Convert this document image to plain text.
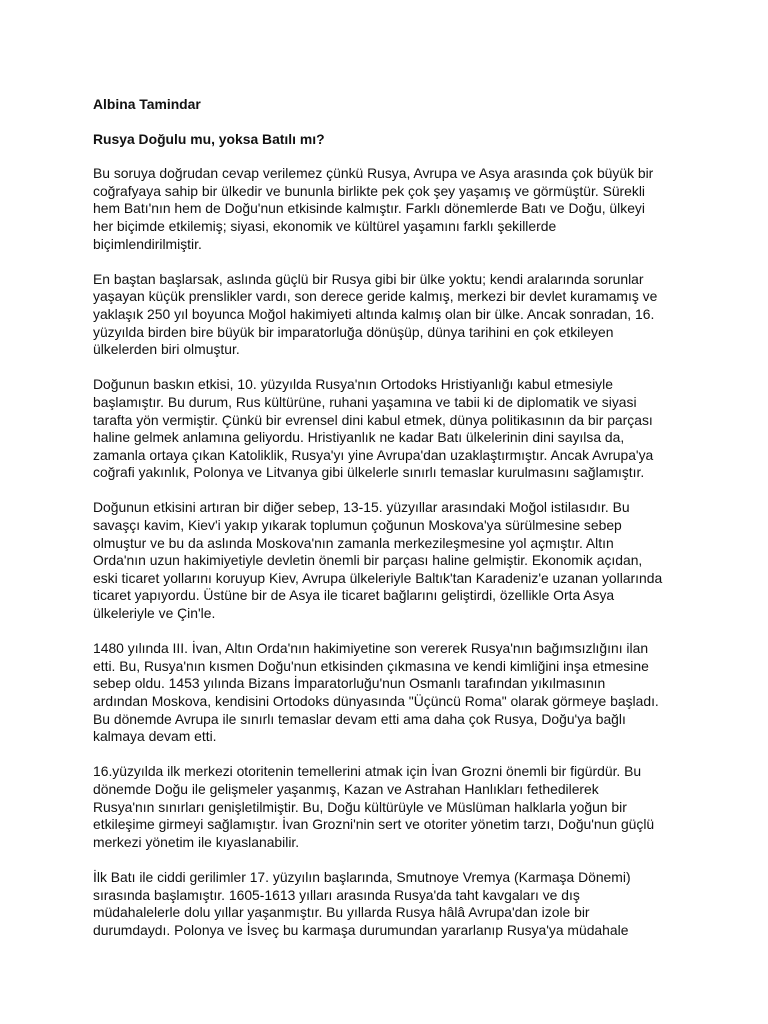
Albina Tamindar
Rusya Doğulu mu, yoksa Batılı mı?
Bu soruya doğrudan cevap verilemez çünkü Rusya, Avrupa ve Asya arasında çok büyük bir
coğrafyaya sahip bir ülkedir ve bununla birlikte pek çok şey yaşamış ve görmüştür. Sürekli
hem Batı'nın hem de Doğu'nun etkisinde kalmıştır. Farklı dönemlerde Batı ve Doğu, ülkeyi
her biçimde etkilemiş; siyasi, ekonomik ve kültürel yaşamını farklı şekillerde
biçimlendirilmiştir.
En baştan başlarsak, aslında güçlü bir Rusya gibi bir ülke yoktu; kendi aralarında sorunlar
yaşayan küçük prenslikler vardı, son derece geride kalmış, merkezi bir devlet kuramamış ve
yaklaşık 250 yıl boyunca Moğol hakimiyeti altında kalmış olan bir ülke. Ancak sonradan, 16.
yüzyılda birden bire büyük bir imparatorluğa dönüşüp, dünya tarihini en çok etkileyen
ülkelerden biri olmuştur.
Doğunun baskın etkisi, 10. yüzyılda Rusya'nın Ortodoks Hristiyanlığı kabul etmesiyle
başlamıştır. Bu durum, Rus kültürüne, ruhani yaşamına ve tabii ki de diplomatik ve siyasi
tarafta yön vermiştir. Çünkü bir evrensel dini kabul etmek, dünya politikasının da bir parçası
haline gelmek anlamına geliyordu. Hristiyanlık ne kadar Batı ülkelerinin dini sayılsa da,
zamanla ortaya çıkan Katoliklik, Rusya'yı yine Avrupa'dan uzaklaştırmıştır. Ancak Avrupa'ya
coğrafi yakınlık, Polonya ve Litvanya gibi ülkelerle sınırlı temaslar kurulmasını sağlamıştır.
Doğunun etkisini artıran bir diğer sebep, 13-15. yüzyıllar arasındaki Moğol istilasıdır. Bu
savaşçı kavim, Kiev'i yakıp yıkarak toplumun çoğunun Moskova'ya sürülmesine sebep
olmuştur ve bu da aslında Moskova'nın zamanla merkezileşmesine yol açmıştır. Altın
Orda'nın uzun hakimiyetiyle devletin önemli bir parçası haline gelmiştir. Ekonomik açıdan,
eski ticaret yollarını koruyup Kiev, Avrupa ülkeleriyle Baltık'tan Karadeniz'e uzanan yollarında
ticaret yapıyordu. Üstüne bir de Asya ile ticaret bağlarını geliştirdi, özellikle Orta Asya
ülkeleriyle ve Çin'le.
1480 yılında III. İvan, Altın Orda'nın hakimiyetine son vererek Rusya'nın bağımsızlığını ilan
etti. Bu, Rusya'nın kısmen Doğu'nun etkisinden çıkmasına ve kendi kimliğini inşa etmesine
sebep oldu. 1453 yılında Bizans İmparatorluğu'nun Osmanlı tarafından yıkılmasının
ardından Moskova, kendisini Ortodoks dünyasında "Üçüncü Roma" olarak görmeye başladı.
Bu dönemde Avrupa ile sınırlı temaslar devam etti ama daha çok Rusya, Doğu'ya bağlı
kalmaya devam etti.
16.yüzyılda ilk merkezi otoritenin temellerini atmak için İvan Grozni önemli bir figürdür. Bu
dönemde Doğu ile gelişmeler yaşanmış, Kazan ve Astrahan Hanlıkları fethedilerek
Rusya'nın sınırları genişletilmiştir. Bu, Doğu kültürüyle ve Müslüman halklarla yoğun bir
etkileşime girmeyi sağlamıştır. İvan Grozni'nin sert ve otoriter yönetim tarzı, Doğu'nun güçlü
merkezi yönetim ile kıyaslanabilir.
İlk Batı ile ciddi gerilimler 17. yüzyılın başlarında, Smutnoye Vremya (Karmaşa Dönemi)
sırasında başlamıştır. 1605-1613 yılları arasında Rusya'da taht kavgaları ve dış
müdahalelerle dolu yıllar yaşanmıştır. Bu yıllarda Rusya hâlâ Avrupa'dan izole bir
durumdaydı. Polonya ve İsveç bu karmaşa durumundan yararlanıp Rusya'ya müdahale
